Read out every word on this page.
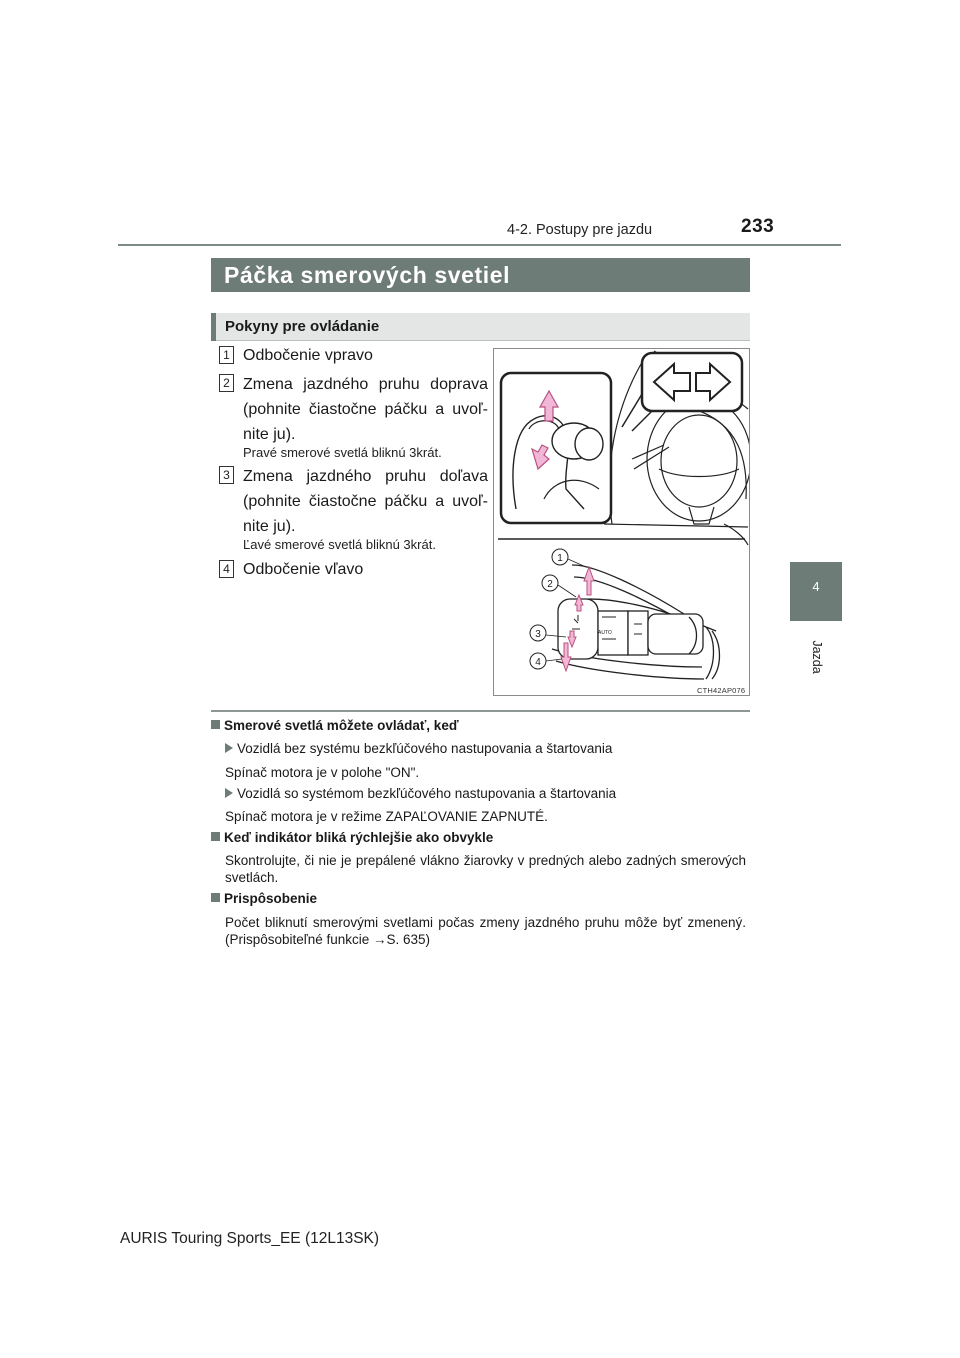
233
4-2. Postupy pre jazdu
4
Jazda
Páčka smerových svetiel
Pokyny pre ovládanie
1 Odbočenie vpravo
2 Zmena jazdného pruhu doprava (pohnite čiastočne páčku a uvoľ- nite ju).
Pravé smerové svetlá bliknú 3krát.
3 Zmena jazdného pruhu doľava (pohnite čiastočne páčku a uvoľ- nite ju).
Ľavé smerové svetlá bliknú 3krát.
4 Odbočenie vľavo
AUTO
1
2
3
4
CTH42AP076
Smerové svetlá môžete ovládať, keď
Vozidlá bez systému bezkľúčového nastupovania a štartovania
Spínač motora je v polohe "ON".
Vozidlá so systémom bezkľúčového nastupovania a štartovania
Spínač motora je v režime ZAPAĽOVANIE ZAPNUTÉ.
Keď indikátor bliká rýchlejšie ako obvykle
Skontrolujte, či nie je prepálené vlákno žiarovky v predných alebo zadných smerových svetlách.
Prispôsobenie
Počet bliknutí smerovými svetlami počas zmeny jazdného pruhu môže byť zmenený. (Prispôsobiteľné funkcie →S. 635)
AURIS Touring Sports_EE (12L13SK)
